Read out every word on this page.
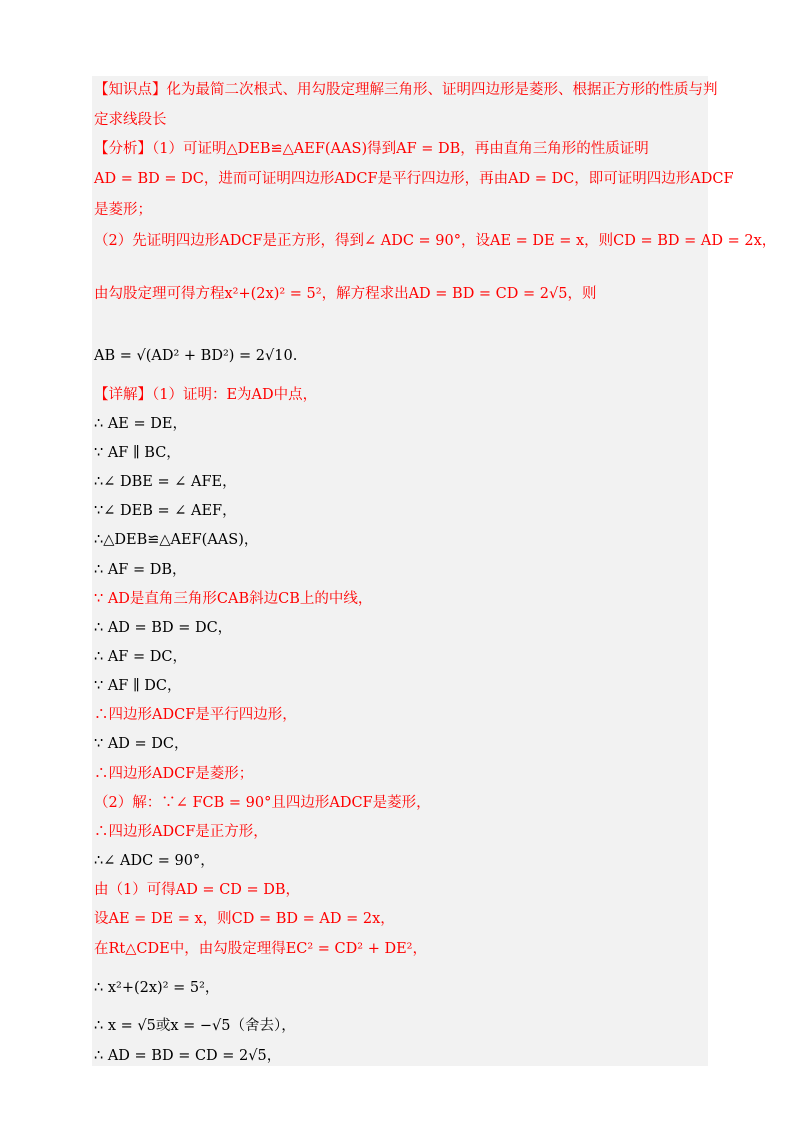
【知识点】化为最简二次根式、用勾股定理解三角形、证明四边形是菱形、根据正方形的性质与判
定求线段长
【分析】（1）可证明△DEB≌△AEF(AAS)得到AF = DB，再由直角三角形的性质证明
AD = BD = DC，进而可证明四边形ADCF是平行四边形，再由AD = DC，即可证明四边形ADCF
是菱形；
（2）先证明四边形ADCF是正方形，得到∠ ADC = 90°，设AE = DE = x，则CD = BD = AD = 2x，
由勾股定理可得方程x²+(2x)² = 5²，解方程求出AD = BD = CD = 2√5，则
AB = √(AD² + BD²) = 2√10.
【详解】（1）证明：E为AD中点，
∴ AE = DE，
∵ AF ∥ BC，
∴∠ DBE = ∠ AFE，
∵∠ DEB = ∠ AEF，
∴△DEB≌△AEF(AAS)，
∴ AF = DB，
∵ AD是直角三角形CAB斜边CB上的中线，
∴ AD = BD = DC，
∴ AF = DC，
∵ AF ∥ DC，
∴四边形ADCF是平行四边形，
∵ AD = DC，
∴四边形ADCF是菱形；
（2）解：∵∠ FCB = 90°且四边形ADCF是菱形，
∴四边形ADCF是正方形，
∴∠ ADC = 90°，
由（1）可得AD = CD = DB，
设AE = DE = x，则CD = BD = AD = 2x，
在Rt△CDE中，由勾股定理得EC² = CD² + DE²，
∴ x²+(2x)² = 5²，
∴ x = √5或x = −√5（舍去），
∴ AD = BD = CD = 2√5，
